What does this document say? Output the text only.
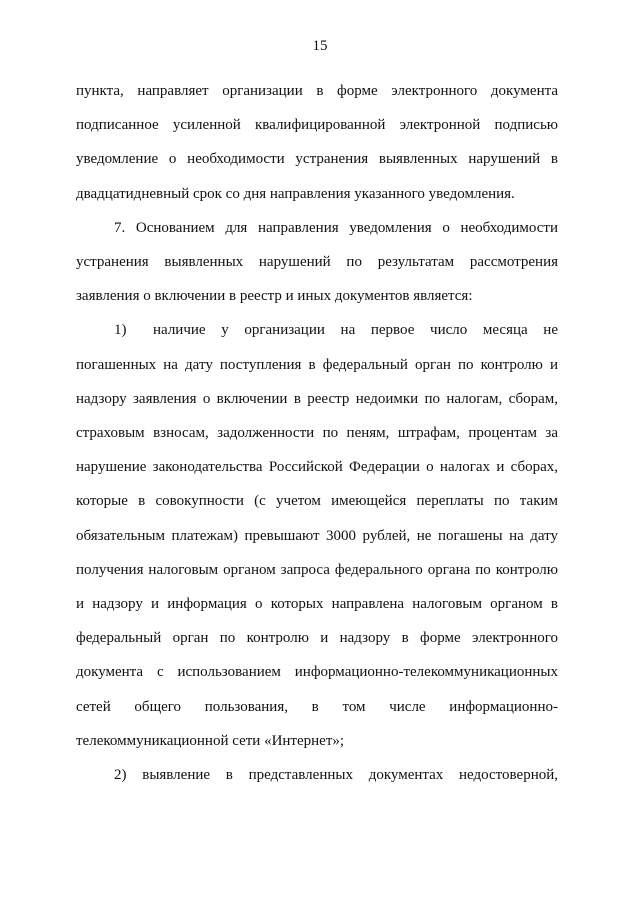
15

пункта, направляет организации в форме электронного документа подписанное усиленной квалифицированной электронной подписью уведомление о необходимости устранения выявленных нарушений в двадцатидневный срок со дня направления указанного уведомления.

7. Основанием для направления уведомления о необходимости устранения выявленных нарушений по результатам рассмотрения заявления о включении в реестр и иных документов является:

1) наличие у организации на первое число месяца не погашенных на дату поступления в федеральный орган по контролю и надзору заявления о включении в реестр недоимки по налогам, сборам, страховым взносам, задолженности по пеням, штрафам, процентам за нарушение законодательства Российской Федерации о налогах и сборах, которые в совокупности (с учетом имеющейся переплаты по таким обязательным платежам) превышают 3000 рублей, не погашены на дату получения налоговым органом запроса федерального органа по контролю и надзору и информация о которых направлена налоговым органом в федеральный орган по контролю и надзору в форме электронного документа с использованием информационно-телекоммуникационных сетей общего пользования, в том числе информационно-телекоммуникационной сети «Интернет»;

2) выявление в представленных документах недостоверной,
